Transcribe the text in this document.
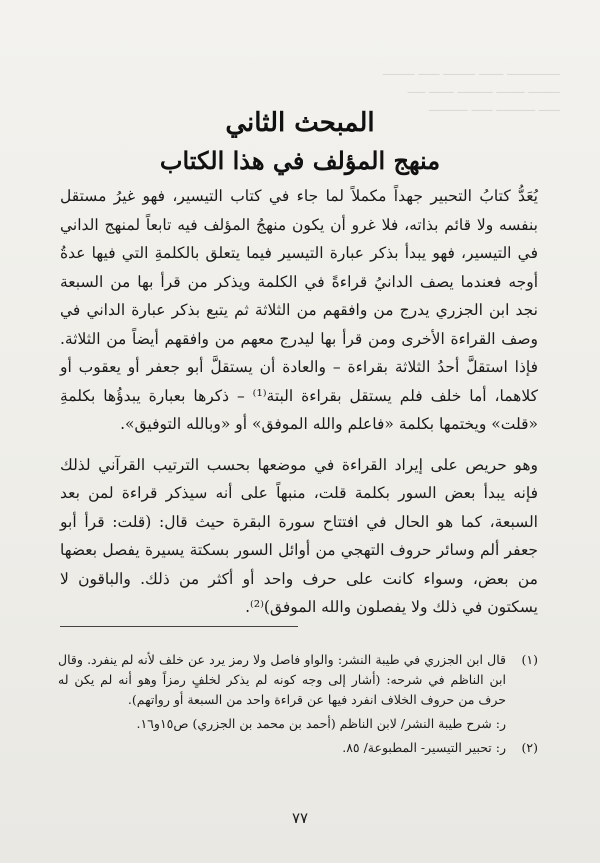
ـــــــــــــــ ـــــــ ـــــــــ ــــــ ـــــــــ
ـــــــــ ــــــــ ــــــــــ ـــــــ ـــــ
ــــــ ـــــــــــ ــــــ ـــــــــــ
المبحث الثاني
منهج المؤلف في هذا الكتاب

يُعَدُّ كتابُ التحبير جهداً مكملاً لما جاء في كتاب التيسير، فهو غيرُ مستقل بنفسه ولا قائم بذاته، فلا غرو أن يكون منهجُ المؤلف فيه تابعاً لمنهج الداني في التيسير، فهو يبدأ بذكر عبارة التيسير فيما يتعلق بالكلمةِ التي فيها عدةُ أوجه فعندما يصف الدانيُ قراءةً في الكلمة ويذكر من قرأ بها من السبعة نجد ابن الجزري يدرج من وافقهم من الثلاثة ثم يتبع بذكر عبارة الداني في وصف القراءة الأخرى ومن قرأ بها ليدرج معهم من وافقهم أيضاً من الثلاثة. فإذا استقلَّ أحدُ الثلاثة بقراءة – والعادة أن يستقلَّ أبو جعفر أو يعقوب أو كلاهما، أما خلف فلم يستقل بقراءة البتة⁽¹⁾ – ذكرها بعبارة يبدؤُها بكلمةِ «قلت» ويختمها بكلمة «فاعلم والله الموفق» أو «وبالله التوفيق».

وهو حريص على إيراد القراءة في موضعها بحسب الترتيب القرآني لذلك فإنه يبدأ بعض السور بكلمة قلت، منبهاً على أنه سيذكر قراءة لمن بعد السبعة، كما هو الحال في افتتاح سورة البقرة حيث قال: (قلت: قرأ أبو جعفر ألم وسائر حروف التهجي من أوائل السور بسكتة يسيرة يفصل بعضها من بعض، وسواء كانت على حرف واحد أو أكثر من ذلك. والباقون لا يسكتون في ذلك ولا يفصلون والله الموفق)⁽²⁾.

(١)
قال ابن الجزري في طيبة النشر: والواو فاصل ولا رمز يرد عن خلف لأنه لم ينفرد. وقال ابن الناظم في شرحه: (أشار إلى وجه كونه لم يذكر لخلفٍ رمزاً وهو أنه لم يكن له حرف من حروف الخلاف انفرد فيها عن قراءة واحد من السبعة أو رواتهم).
ر: شرح طيبة النشر/ لابن الناظم (أحمد بن محمد بن الجزري) ص١٥و١٦.
(٢)
ر: تحبير التيسير- المطبوعة/ ٨٥.
٧٧
